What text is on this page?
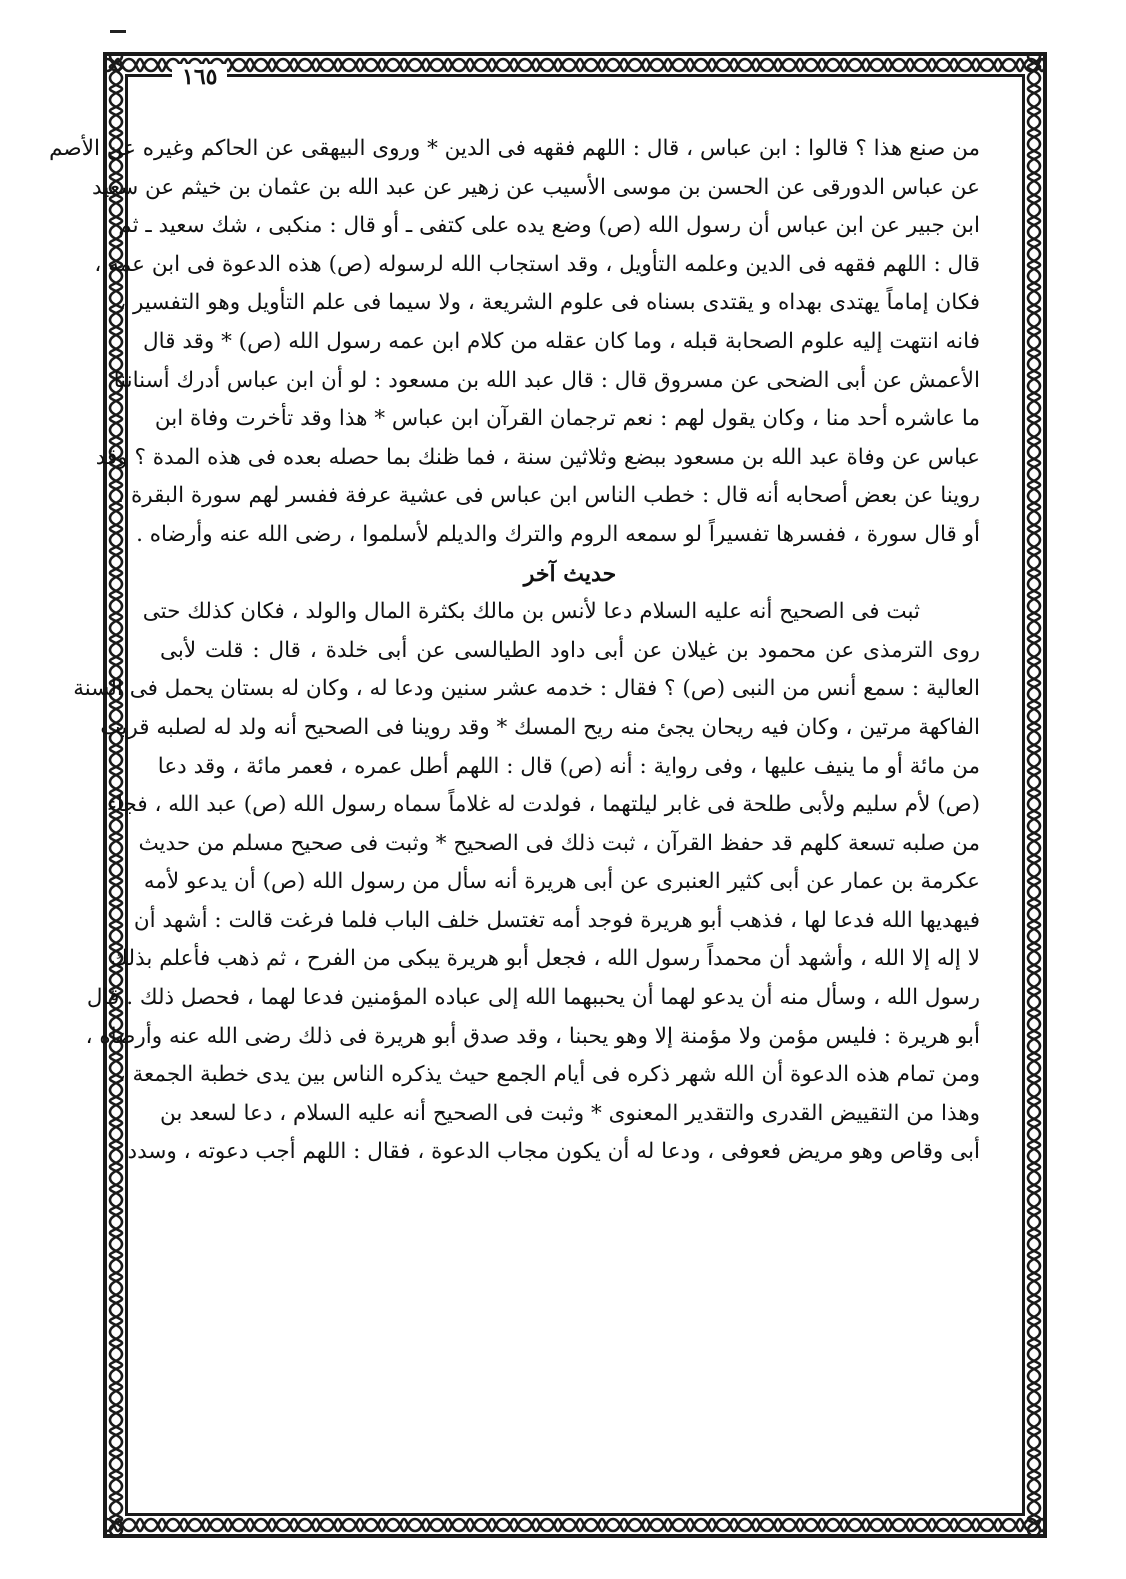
١٦٥
من صنع هذا ؟ قالوا : ابن عباس ، قال : اللهم فقهه فى الدين * وروى البيهقى عن الحاكم وغيره عن الأصم
عن عباس الدورقى عن الحسن بن موسى الأسيب عن زهير عن عبد الله بن عثمان بن خيثم عن سعيد
ابن جبير عن ابن عباس أن رسول الله (ص) وضع يده على كتفى ـ أو قال : منكبى ، شك سعيد ـ ثم
قال : اللهم فقهه فى الدين وعلمه التأويل ، وقد استجاب الله لرسوله (ص) هذه الدعوة فى ابن عمه ،
فكان إماماً يهتدى بهداه و يقتدى بسناه فى علوم الشريعة ، ولا سيما فى علم التأويل وهو التفسير ،
فانه انتهت إليه علوم الصحابة قبله ، وما كان عقله من كلام ابن عمه رسول الله (ص) * وقد قال
الأعمش عن أبى الضحى عن مسروق قال : قال عبد الله بن مسعود : لو أن ابن عباس أدرك أسناننا
ما عاشره أحد منا ، وكان يقول لهم : نعم ترجمان القرآن ابن عباس * هذا وقد تأخرت وفاة ابن
عباس عن وفاة عبد الله بن مسعود ببضع وثلاثين سنة ، فما ظنك بما حصله بعده فى هذه المدة ؟ وقد
روينا عن بعض أصحابه أنه قال : خطب الناس ابن عباس فى عشية عرفة ففسر لهم سورة البقرة ،
أو قال سورة ، ففسرها تفسيراً لو سمعه الروم والترك والديلم لأسلموا ، رضى الله عنه وأرضاه .
حديث آخر
ثبت فى الصحيح أنه عليه السلام دعا لأنس بن مالك بكثرة المال والولد ، فكان كذلك حتى
روى الترمذى عن محمود بن غيلان عن أبى داود الطيالسى عن أبى خلدة ، قال : قلت لأبى
العالية : سمع أنس من النبى (ص) ؟ فقال : خدمه عشر سنين ودعا له ، وكان له بستان يحمل فى السنة
الفاكهة مرتين ، وكان فيه ريحان يجئ منه ريح المسك * وقد روينا فى الصحيح أنه ولد له لصلبه قريب
من مائة أو ما ينيف عليها ، وفى رواية : أنه (ص) قال : اللهم أطل عمره ، فعمر مائة ، وقد دعا
(ص) لأم سليم ولأبى طلحة فى غابر ليلتهما ، فولدت له غلاماً سماه رسول الله (ص) عبد الله ، فجاء
من صلبه تسعة كلهم قد حفظ القرآن ، ثبت ذلك فى الصحيح * وثبت فى صحيح مسلم من حديث
عكرمة بن عمار عن أبى كثير العنبرى عن أبى هريرة أنه سأل من رسول الله (ص) أن يدعو لأمه
فيهديها الله فدعا لها ، فذهب أبو هريرة فوجد أمه تغتسل خلف الباب فلما فرغت قالت : أشهد أن
لا إله إلا الله ، وأشهد أن محمداً رسول الله ، فجعل أبو هريرة يبكى من الفرح ، ثم ذهب فأعلم بذلك
رسول الله ، وسأل منه أن يدعو لهما أن يحببهما الله إلى عباده المؤمنين فدعا لهما ، فحصل ذلك . قال
أبو هريرة : فليس مؤمن ولا مؤمنة إلا وهو يحبنا ، وقد صدق أبو هريرة فى ذلك رضى الله عنه وأرضاه ،
ومن تمام هذه الدعوة أن الله شهر ذكره فى أيام الجمع حيث يذكره الناس بين يدى خطبة الجمعة ،
وهذا من التقييض القدرى والتقدير المعنوى * وثبت فى الصحيح أنه عليه السلام ، دعا لسعد بن
أبى وقاص وهو مريض فعوفى ، ودعا له أن يكون مجاب الدعوة ، فقال : اللهم أجب دعوته ، وسدد
